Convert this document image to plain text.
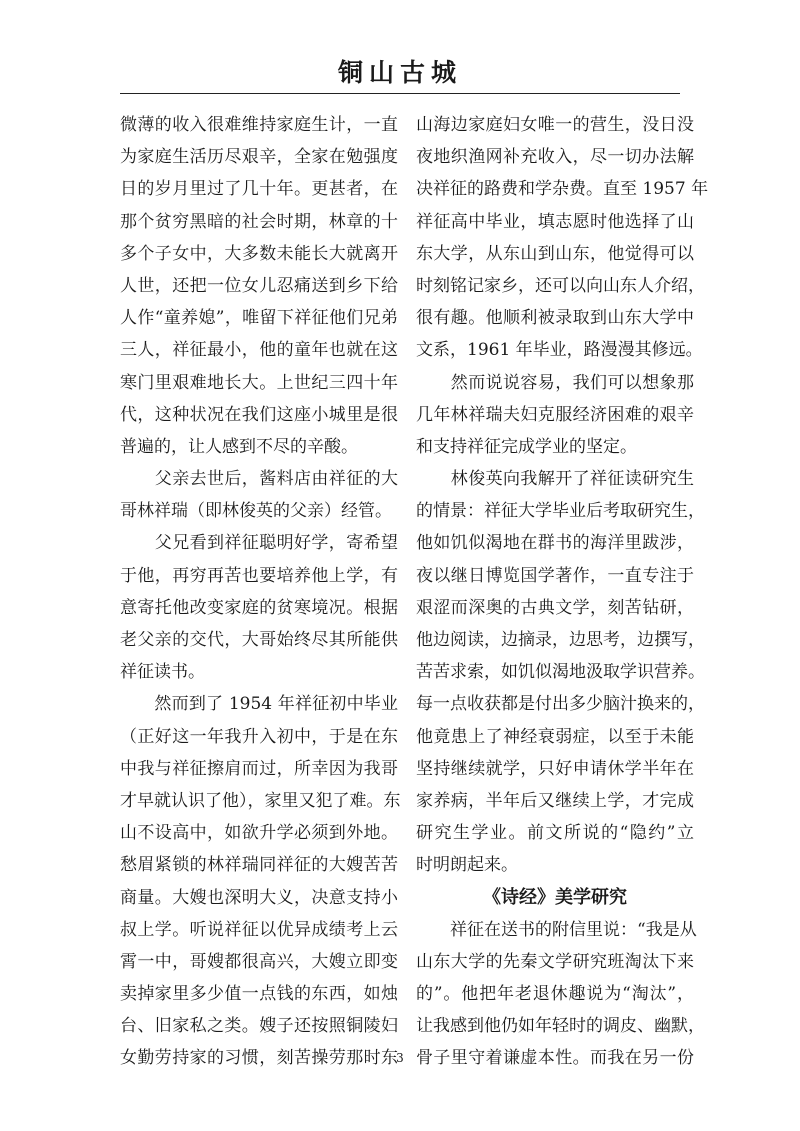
铜山古城
微薄的收入很难维持家庭生计，一直
为家庭生活历尽艰辛，全家在勉强度
日的岁月里过了几十年。更甚者，在
那个贫穷黑暗的社会时期，林章的十
多个子女中，大多数未能长大就离开
人世，还把一位女儿忍痛送到乡下给
人作“童养媳”，唯留下祥征他们兄弟
三人，祥征最小，他的童年也就在这
寒门里艰难地长大。上世纪三四十年
代，这种状况在我们这座小城里是很
普遍的，让人感到不尽的辛酸。
　　父亲去世后，酱料店由祥征的大
哥林祥瑞（即林俊英的父亲）经管。
　　父兄看到祥征聪明好学，寄希望
于他，再穷再苦也要培养他上学，有
意寄托他改变家庭的贫寒境况。根据
老父亲的交代，大哥始终尽其所能供
祥征读书。
　　然而到了 1954 年祥征初中毕业
（正好这一年我升入初中，于是在东
中我与祥征擦肩而过，所幸因为我哥
才早就认识了他），家里又犯了难。东
山不设高中，如欲升学必须到外地。
愁眉紧锁的林祥瑞同祥征的大嫂苦苦
商量。大嫂也深明大义，决意支持小
叔上学。听说祥征以优异成绩考上云
霄一中，哥嫂都很高兴，大嫂立即变
卖掉家里多少值一点钱的东西，如烛
台、旧家私之类。嫂子还按照铜陵妇
女勤劳持家的习惯，刻苦操劳那时东
山海边家庭妇女唯一的营生，没日没
夜地织渔网补充收入，尽一切办法解
决祥征的路费和学杂费。直至 1957 年
祥征高中毕业，填志愿时他选择了山
东大学，从东山到山东，他觉得可以
时刻铭记家乡，还可以向山东人介绍，
很有趣。他顺利被录取到山东大学中
文系，1961 年毕业，路漫漫其修远。
　　然而说说容易，我们可以想象那
几年林祥瑞夫妇克服经济困难的艰辛
和支持祥征完成学业的坚定。
　　林俊英向我解开了祥征读研究生
的情景：祥征大学毕业后考取研究生，
他如饥似渴地在群书的海洋里跋涉，
夜以继日博览国学著作，一直专注于
艰涩而深奥的古典文学，刻苦钻研，
他边阅读，边摘录，边思考，边撰写，
苦苦求索，如饥似渴地汲取学识营养。
每一点收获都是付出多少脑汁换来的，
他竟患上了神经衰弱症，以至于未能
坚持继续就学，只好申请休学半年在
家养病，半年后又继续上学，才完成
研究生学业。前文所说的“隐约”立
时明朗起来。
《诗经》美学研究
　　祥征在送书的附信里说：“我是从
山东大学的先秦文学研究班淘汰下来
的”。他把年老退休趣说为“淘汰”，
让我感到他仍如年轻时的调皮、幽默，
骨子里守着谦虚本性。而我在另一份
3
